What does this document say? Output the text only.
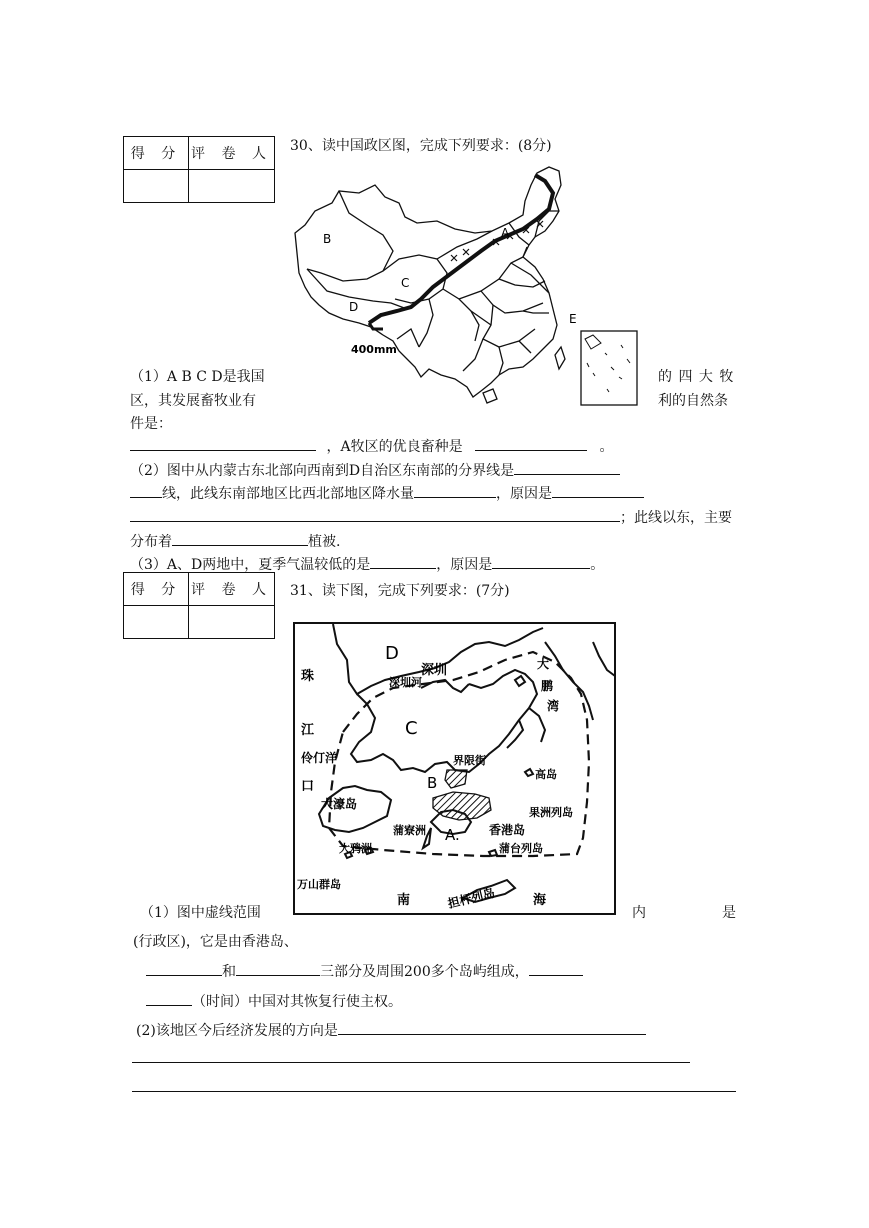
得 分	评 卷 人
	30、读中国政区图，完成下列要求：(8分)
B
C
D
A
E
400mm
（1）A B C D是我国	的 四 大 牧
区，其发展畜牧业有	利的自然条
件是：
，A牧区的优良畜种是	。
（2）图中从内蒙古东北部向西南到D自治区东南部的分界线是
线，此线东南部地区比西北部地区降水量	，原因是
；此线以东，主要
分布着	植被.
（3）A、D两地中，夏季气温较低的是	，原因是	。
得 分	评 卷 人
	31、读下图，完成下列要求：(7分)
D
C
B
A.
珠
江
口
伶仃洋
深圳河
深圳	大
鹏
湾
界限街
高岛
大濠岛
果洲列岛
香港岛
蒲寮洲
大鸦洲	蒲台列岛
万山群岛
南	担杆列岛	海
（1）图中虚线范围	内	是
(行政区)，它是由香港岛、
和	三部分及周围200多个岛屿组成，
（时间）中国对其恢复行使主权。
(2)该地区今后经济发展的方向是
